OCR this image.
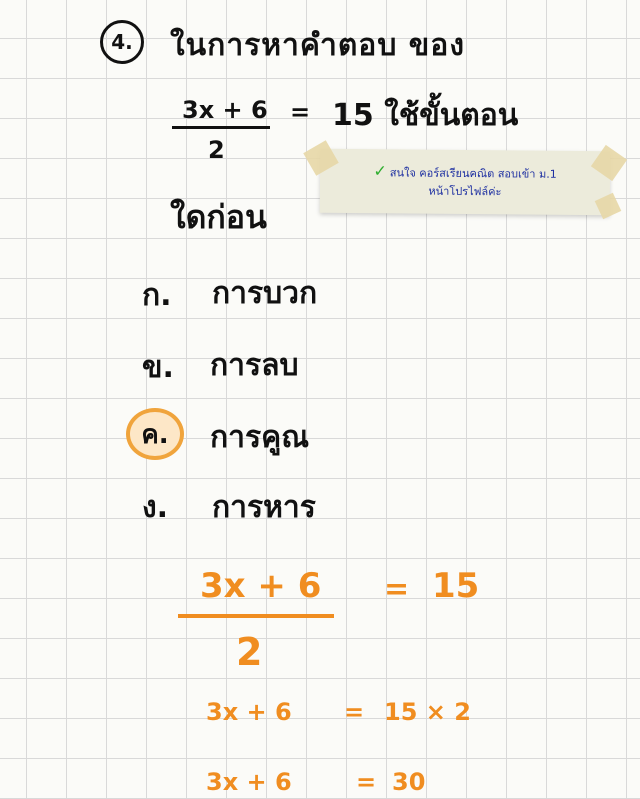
4.	ในการหาคำตอบ ของ
3x + 6
2
= 15 ใช้ขั้นตอน
ใดก่อน
✓ สนใจ คอร์สเรียนคณิต สอบเข้า ม.1
หน้าโปรไฟล์ค่ะ
ก. การบวก
ข. การลบ
ค. การคูณ
ง. การหาร
3x + 6
2
= 15
3x + 6 = 15 × 2
3x + 6	= 30
